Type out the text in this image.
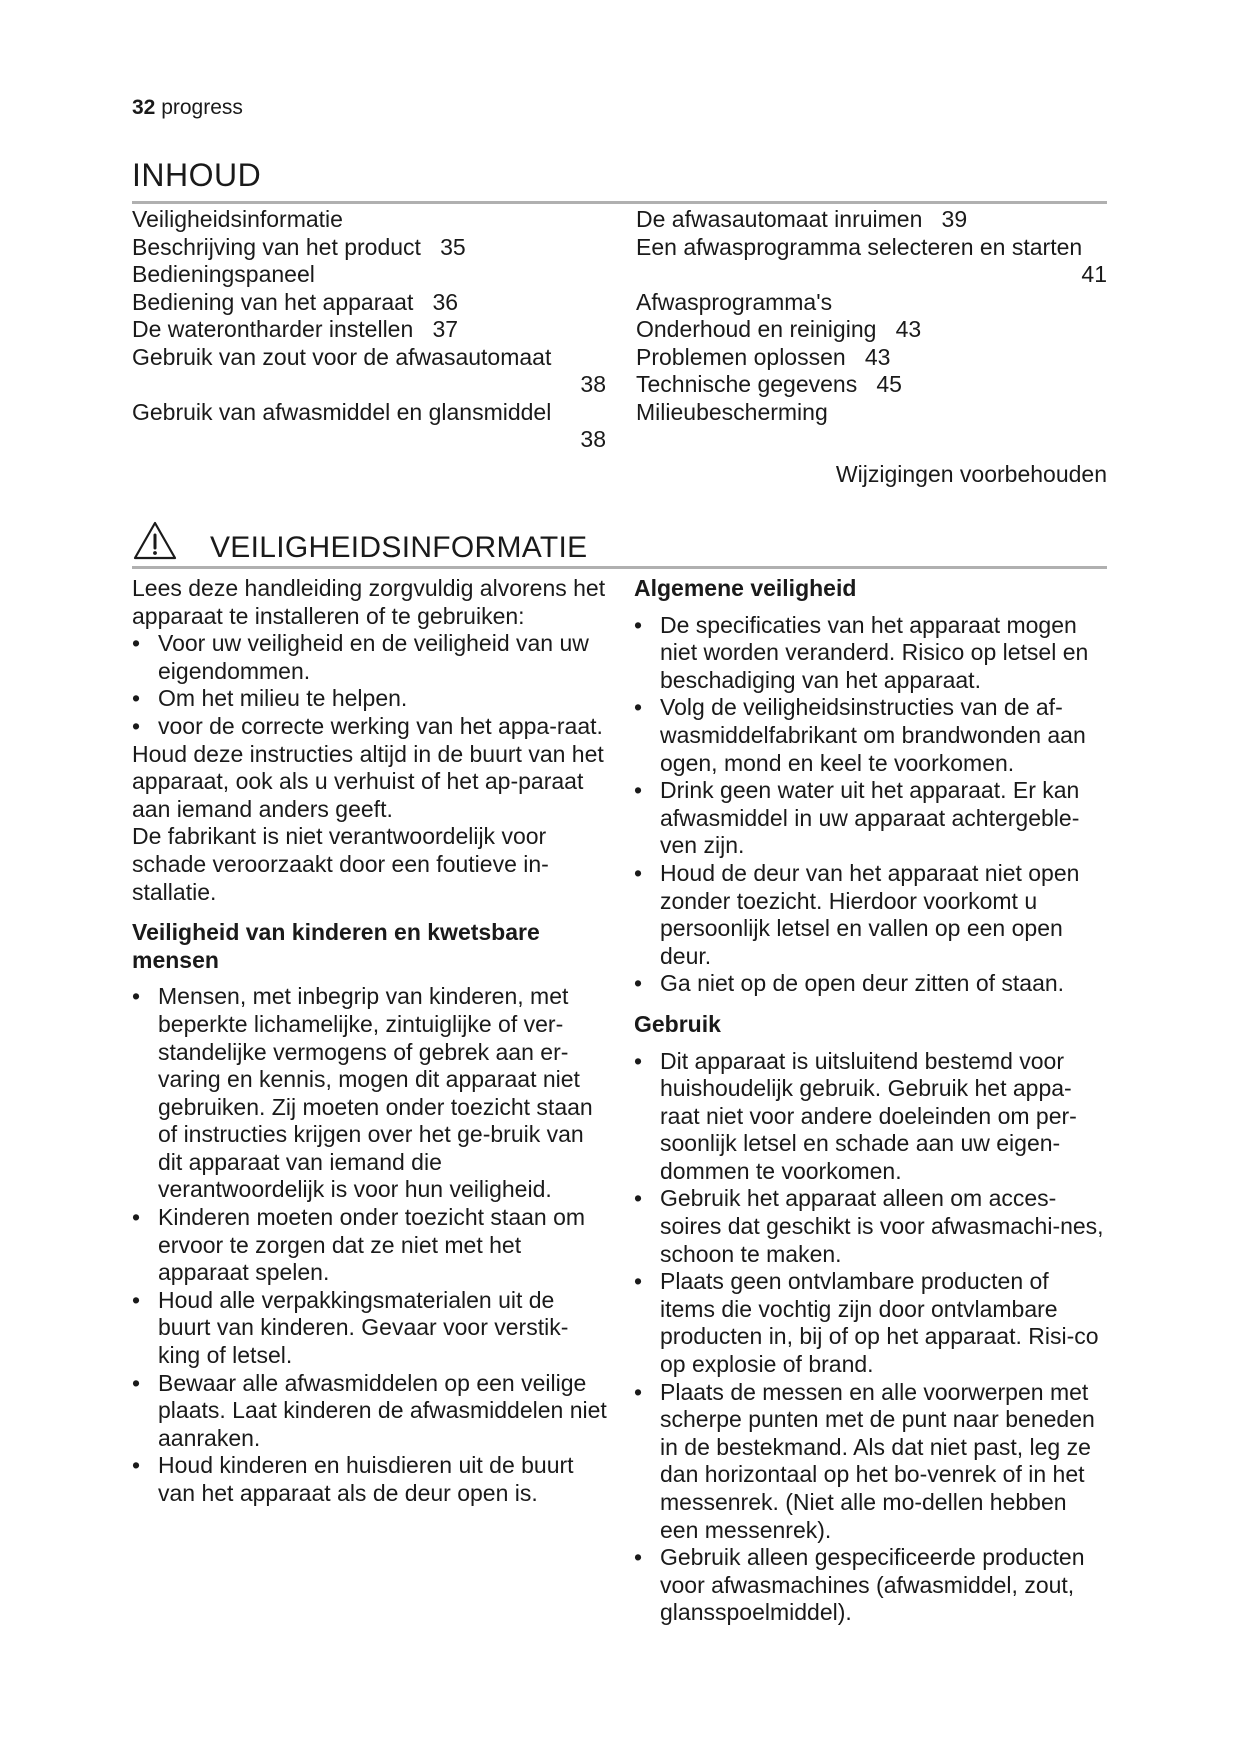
32 progress
INHOUD
Veiligheidsinformatie
Beschrijving van het product 35
Bedieningspaneel
Bediening van het apparaat 36
De waterontharder instellen 37
Gebruik van zout voor de afwasautomaat
38
Gebruik van afwasmiddel en glansmiddel
38
De afwasautomaat inruimen 39
Een afwasprogramma selecteren en starten
41
Afwasprogramma's
Onderhoud en reiniging 43
Problemen oplossen 43
Technische gegevens 45
Milieubescherming
Wijzigingen voorbehouden
VEILIGHEIDSINFORMATIE

Lees deze handleiding zorgvuldig alvorens het apparaat te installeren of te gebruiken:

• Voor uw veiligheid en de veiligheid van uw eigendommen.
• Om het milieu te helpen.
• voor de correcte werking van het appa-raat.

Houd deze instructies altijd in de buurt van het apparaat, ook als u verhuist of het ap-paraat aan iemand anders geeft.

De fabrikant is niet verantwoordelijk voor schade veroorzaakt door een foutieve in-stallatie.

Veiligheid van kinderen en kwetsbare mensen
• Mensen, met inbegrip van kinderen, met beperkte lichamelijke, zintuiglijke of ver-standelijke vermogens of gebrek aan er-varing en kennis, mogen dit apparaat niet gebruiken. Zij moeten onder toezicht staan of instructies krijgen over het ge-bruik van dit apparaat van iemand die verantwoordelijk is voor hun veiligheid.
• Kinderen moeten onder toezicht staan om ervoor te zorgen dat ze niet met het apparaat spelen.
• Houd alle verpakkingsmaterialen uit de buurt van kinderen. Gevaar voor verstik-king of letsel.
• Bewaar alle afwasmiddelen op een veilige plaats. Laat kinderen de afwasmiddelen niet aanraken.
• Houd kinderen en huisdieren uit de buurt van het apparaat als de deur open is.
Algemene veiligheid
• De specificaties van het apparaat mogen niet worden veranderd. Risico op letsel en beschadiging van het apparaat.
• Volg de veiligheidsinstructies van de af-wasmiddelfabrikant om brandwonden aan ogen, mond en keel te voorkomen.
• Drink geen water uit het apparaat. Er kan afwasmiddel in uw apparaat achtergeble-ven zijn.
• Houd de deur van het apparaat niet open zonder toezicht. Hierdoor voorkomt u persoonlijk letsel en vallen op een open deur.
• Ga niet op de open deur zitten of staan.
Gebruik
• Dit apparaat is uitsluitend bestemd voor huishoudelijk gebruik. Gebruik het appa-raat niet voor andere doeleinden om per-soonlijk letsel en schade aan uw eigen-dommen te voorkomen.
• Gebruik het apparaat alleen om acces-soires dat geschikt is voor afwasmachi-nes, schoon te maken.
• Plaats geen ontvlambare producten of items die vochtig zijn door ontvlambare producten in, bij of op het apparaat. Risi-co op explosie of brand.
• Plaats de messen en alle voorwerpen met scherpe punten met de punt naar beneden in de bestekmand. Als dat niet past, leg ze dan horizontaal op het bo-venrek of in het messenrek. (Niet alle mo-dellen hebben een messenrek).
• Gebruik alleen gespecificeerde producten voor afwasmachines (afwasmiddel, zout, glansspoelmiddel).
